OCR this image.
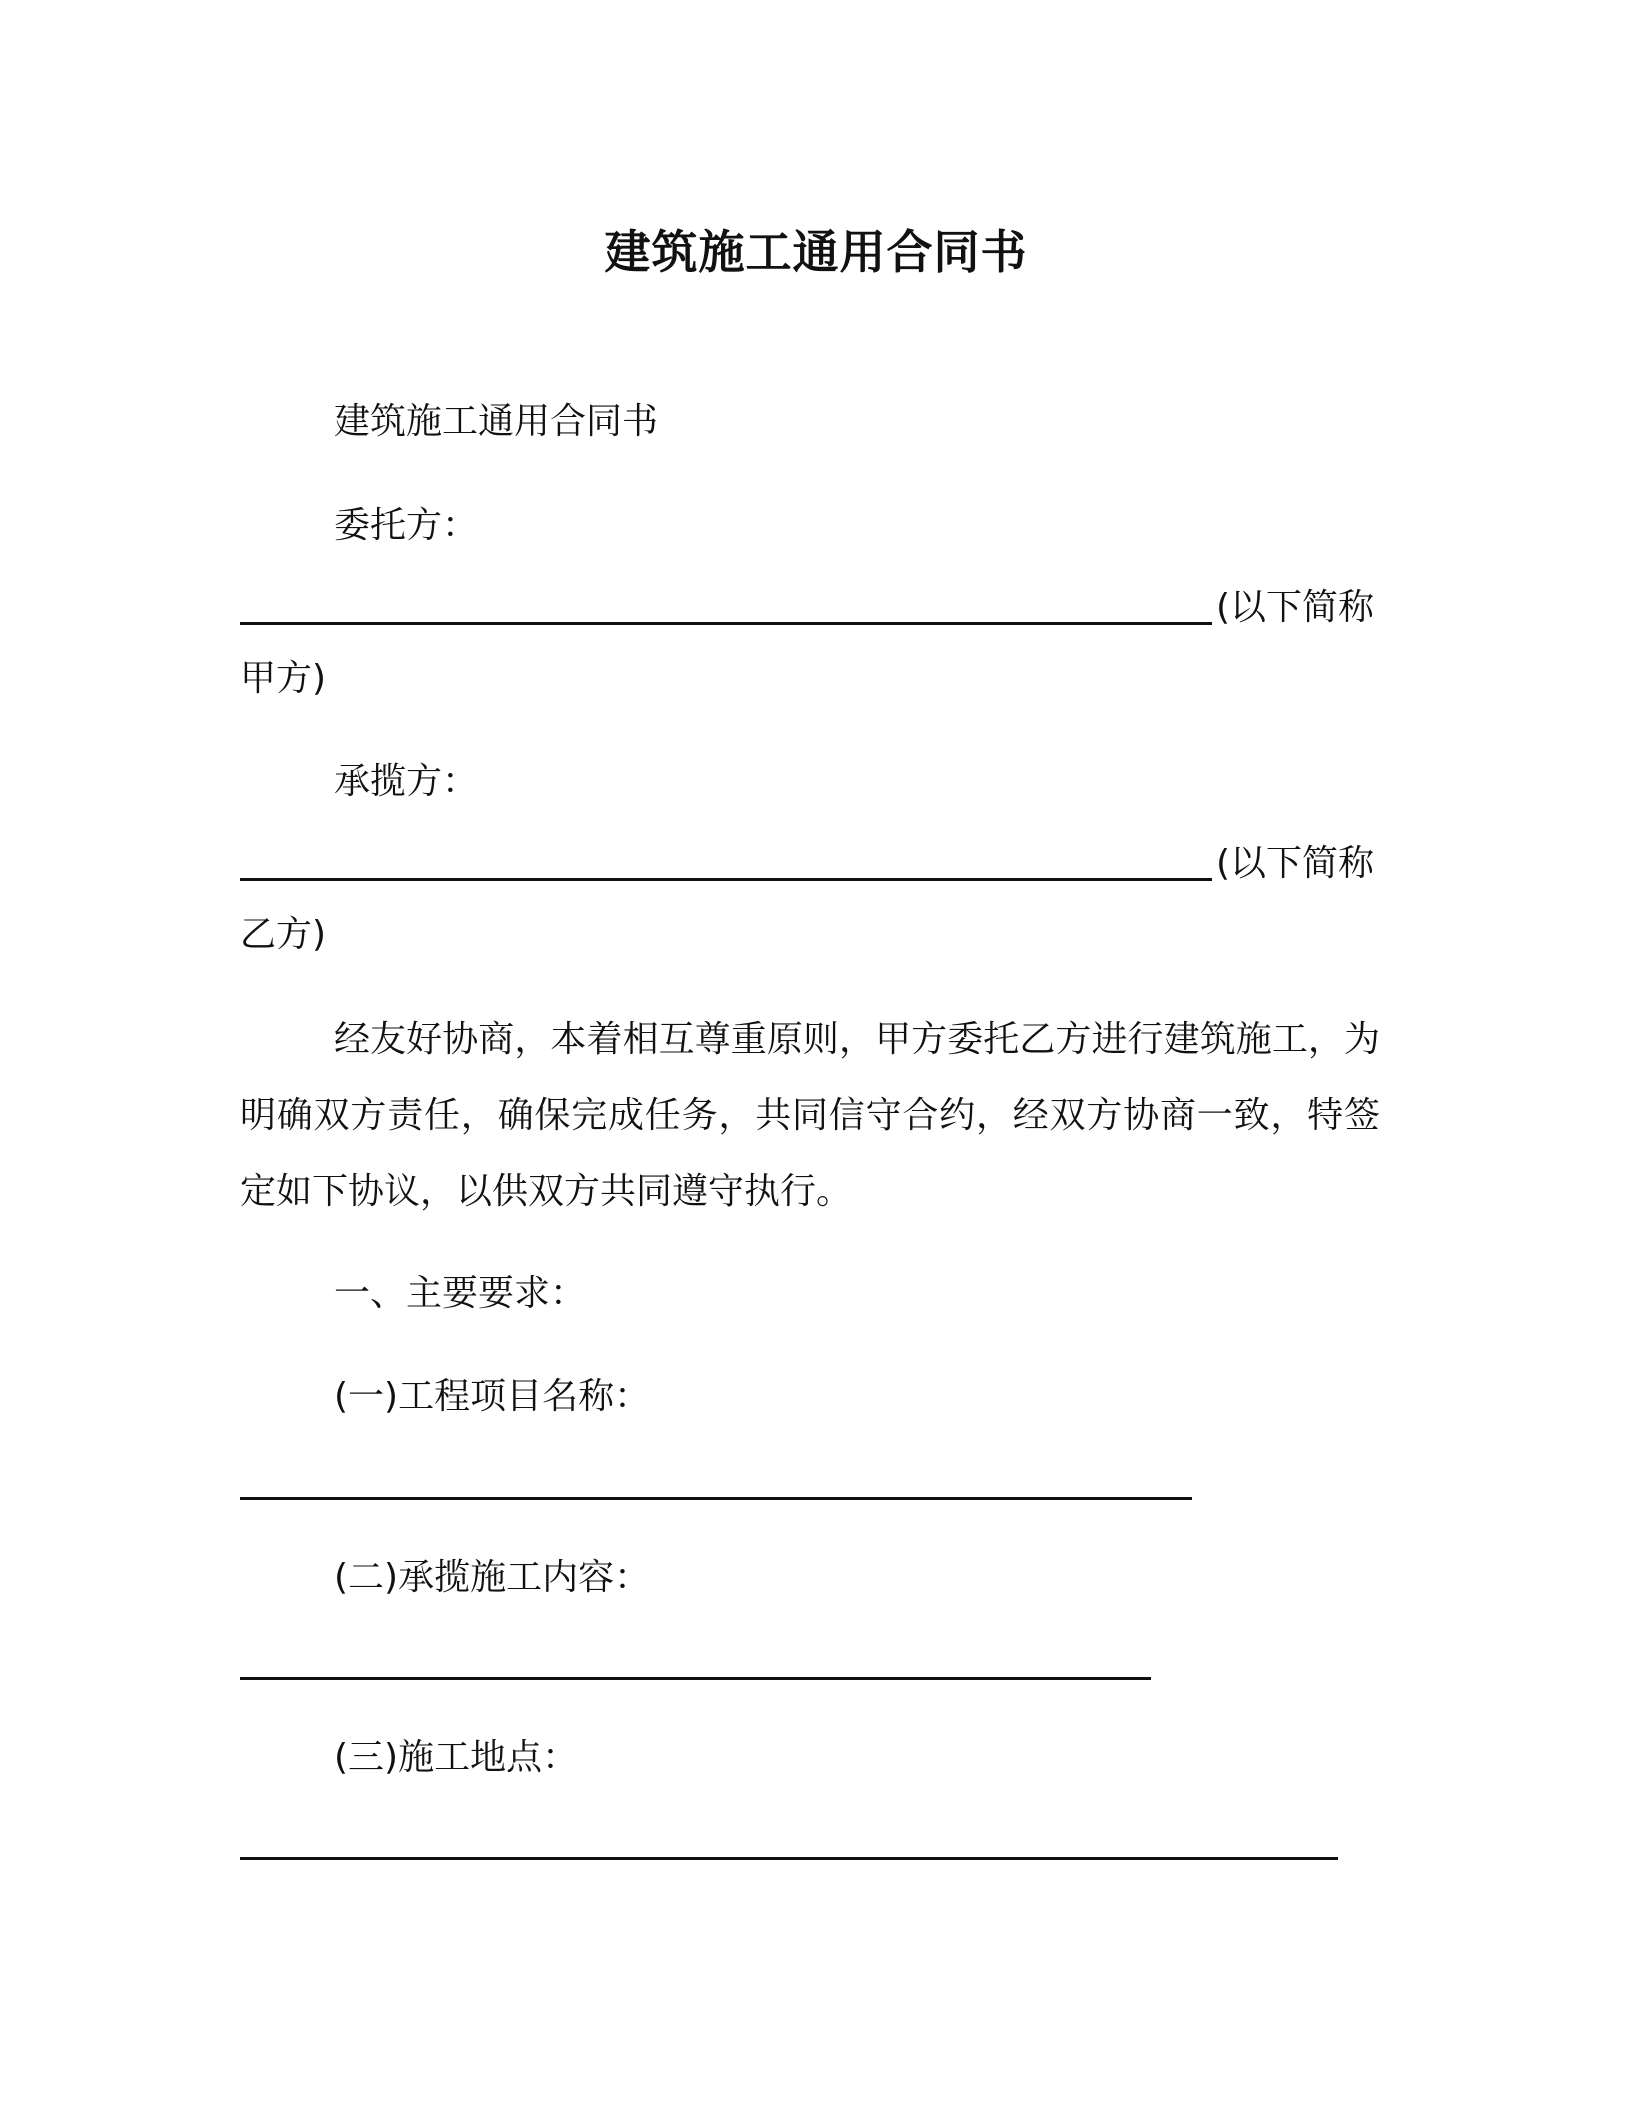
建筑施工通用合同书
建筑施工通用合同书
委托方：
(以下简称
甲方)
承揽方：
(以下简称
乙方)
经友好协商，本着相互尊重原则，甲方委托乙方进行建筑施工，为明确双方责任，确保完成任务，共同信守合约，经双方协商一致，特签定如下协议，以供双方共同遵守执行。
一、主要要求：
(一)工程项目名称：
(二)承揽施工内容：
(三)施工地点：
